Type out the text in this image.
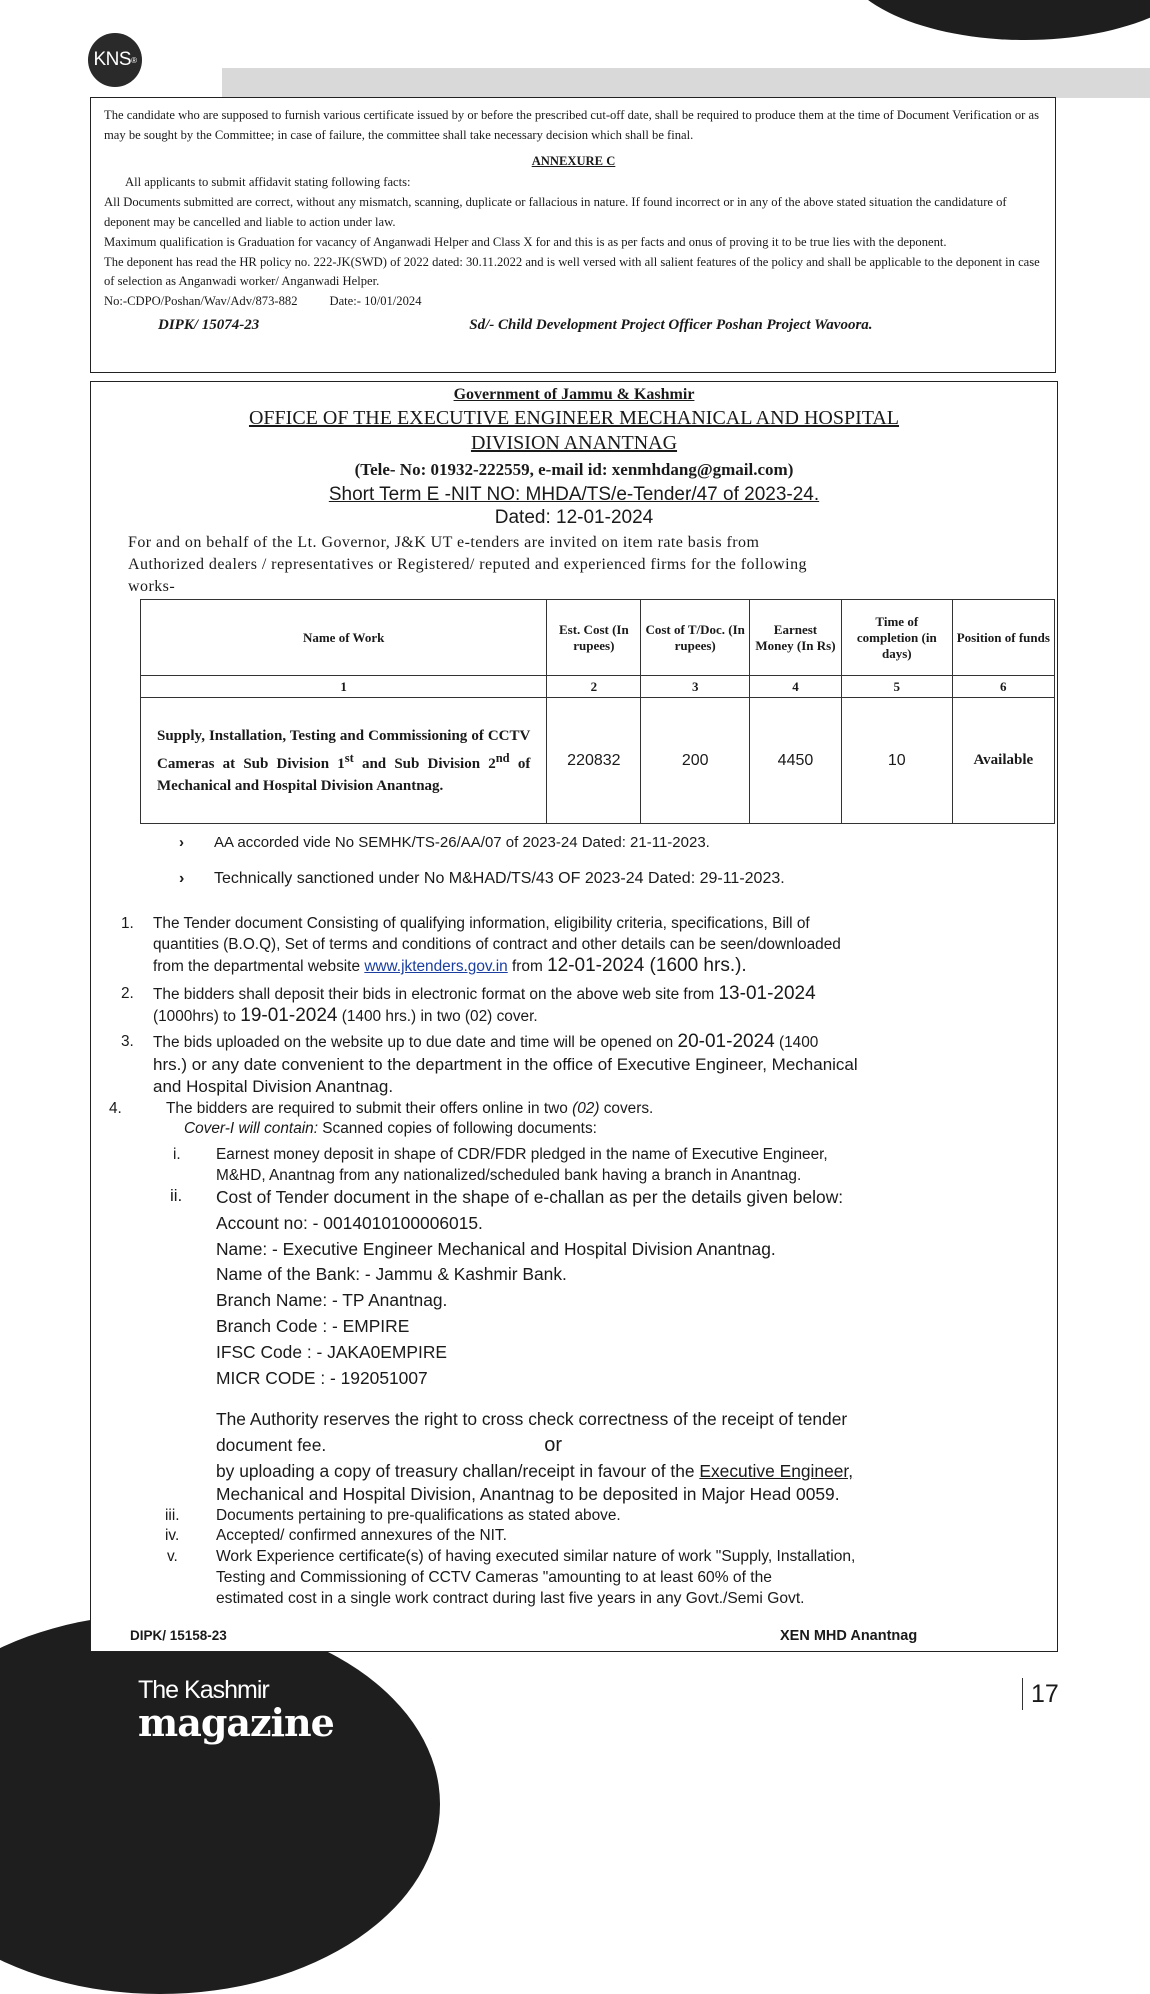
KNS ®

The candidate who are supposed to furnish various certificate issued by or before the prescribed cut-off date, shall be required to produce them at the time of Document Verification or as may be sought by the Committee; in case of failure, the committee shall take necessary decision which shall be final.

ANNEXURE C

All applicants to submit affidavit stating following facts:

All Documents submitted are correct, without any mismatch, scanning, duplicate or fallacious in nature. If found incorrect or in any of the above stated situation the candidature of deponent may be cancelled and liable to action under law.

Maximum qualification is Graduation for vacancy of Anganwadi Helper and Class X for and this is as per facts and onus of proving it to be true lies with the deponent.

The deponent has read the HR policy no. 222-JK(SWD) of 2022 dated: 30.11.2022 and is well versed with all salient features of the policy and shall be applicable to the deponent in case of selection as Anganwadi worker/ Anganwadi Helper.

No:-CDPO/Poshan/Wav/Adv/873-882	Date:- 10/01/2024

DIPK/ 15074-23	Sd/- Child Development Project Officer Poshan Project Wavoora.
Government of Jammu & Kashmir
OFFICE OF THE EXECUTIVE ENGINEER MECHANICAL AND HOSPITAL
DIVISION ANANTNAG
(Tele- No: 01932-222559, e-mail id: xenmhdang@gmail.com)
Short Term E -NIT NO: MHDA/TS/e-Tender/47 of 2023-24.
Dated: 12-01-2024
For and on behalf of the Lt. Governor, J&K UT e-tenders are invited on item rate basis from
Authorized dealers / representatives or Registered/ reputed and experienced firms for the following
works-
Name of Work	Est. Cost (In rupees)	Cost of T/Doc. (In rupees)	Earnest Money (In Rs)	Time of completion (in days)	Position of funds
1	2	3	4	5	6
Supply, Installation, Testing and Commissioning of CCTV Cameras at Sub Division 1st and Sub Division 2nd of Mechanical and Hospital Division Anantnag.	220832	200	4450	10	Available
› AA accorded vide No SEMHK/TS-26/AA/07 of 2023-24 Dated: 21-11-2023.
› Technically sanctioned under No M&HAD/TS/43 OF 2023-24 Dated: 29-11-2023.
1. The Tender document Consisting of qualifying information, eligibility criteria, specifications, Bill of
quantities (B.O.Q), Set of terms and conditions of contract and other details can be seen/downloaded
from the departmental website www.jktenders.gov.in from 12-01-2024 (1600 hrs.).
2. The bidders shall deposit their bids in electronic format on the above web site from 13-01-2024
(1000hrs) to 19-01-2024 (1400 hrs.) in two (02) cover.
3. The bids uploaded on the website up to due date and time will be opened on 20-01-2024 (1400
hrs.) or any date convenient to the department in the office of Executive Engineer, Mechanical
and Hospital Division Anantnag.
4.	The bidders are required to submit their offers online in two (02) covers.
Cover-I will contain: Scanned copies of following documents:
i. Earnest money deposit in shape of CDR/FDR pledged in the name of Executive Engineer,
M&HD, Anantnag from any nationalized/scheduled bank having a branch in Anantnag.
ii. Cost of Tender document in the shape of e-challan as per the details given below:
Account no: - 0014010100006015.
Name: - Executive Engineer Mechanical and Hospital Division Anantnag.
Name of the Bank: - Jammu & Kashmir Bank.
Branch Name: - TP Anantnag.
Branch Code : - EMPIRE
IFSC Code : - JAKA0EMPIRE
MICR CODE : - 192051007
The Authority reserves the right to cross check correctness of the receipt of tender
document fee.	or
by uploading a copy of treasury challan/receipt in favour of the Executive Engineer,
Mechanical and Hospital Division, Anantnag to be deposited in Major Head 0059.
iii. Documents pertaining to pre-qualifications as stated above.
iv. Accepted/ confirmed annexures of the NIT.
v. Work Experience certificate(s) of having executed similar nature of work "Supply, Installation,
Testing and Commissioning of CCTV Cameras "amounting to at least 60% of the
estimated cost in a single work contract during last five years in any Govt./Semi Govt.
DIPK/ 15158-23	XEN MHD Anantnag
The Kashmir
magazine
17
